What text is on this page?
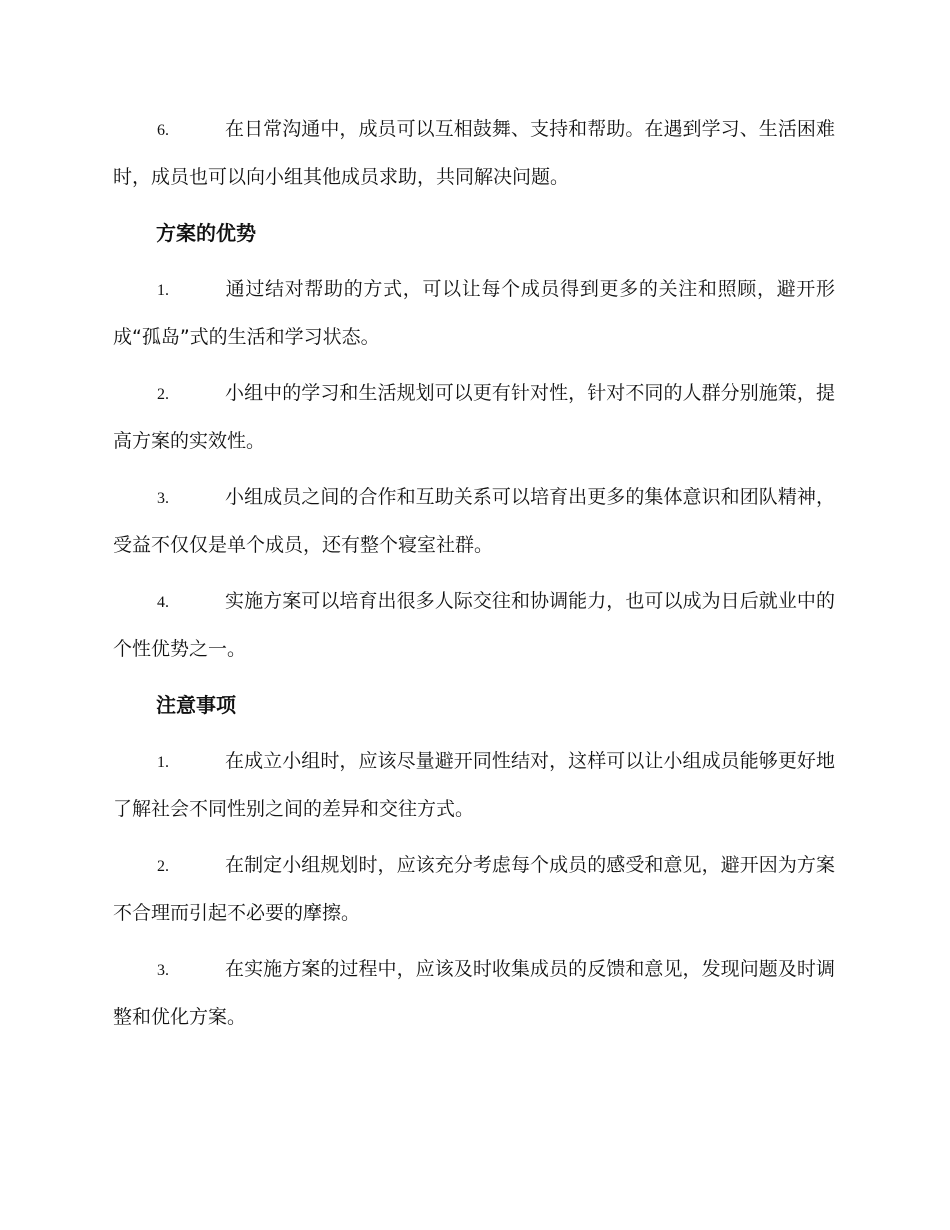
6.	在日常沟通中，成员可以互相鼓舞、支持和帮助。在遇到学习、生活困难时，成员也可以向小组其他成员求助，共同解决问题。

方案的优势

1.	通过结对帮助的方式，可以让每个成员得到更多的关注和照顾，避开形成“孤岛”式的生活和学习状态。

2.	小组中的学习和生活规划可以更有针对性，针对不同的人群分别施策，提高方案的实效性。

3.	小组成员之间的合作和互助关系可以培育出更多的集体意识和团队精神，受益不仅仅是单个成员，还有整个寝室社群。

4.	实施方案可以培育出很多人际交往和协调能力，也可以成为日后就业中的个性优势之一。

注意事项

1.	在成立小组时，应该尽量避开同性结对，这样可以让小组成员能够更好地了解社会不同性别之间的差异和交往方式。

2.	在制定小组规划时，应该充分考虑每个成员的感受和意见，避开因为方案不合理而引起不必要的摩擦。

3.	在实施方案的过程中，应该及时收集成员的反馈和意见，发现问题及时调整和优化方案。
